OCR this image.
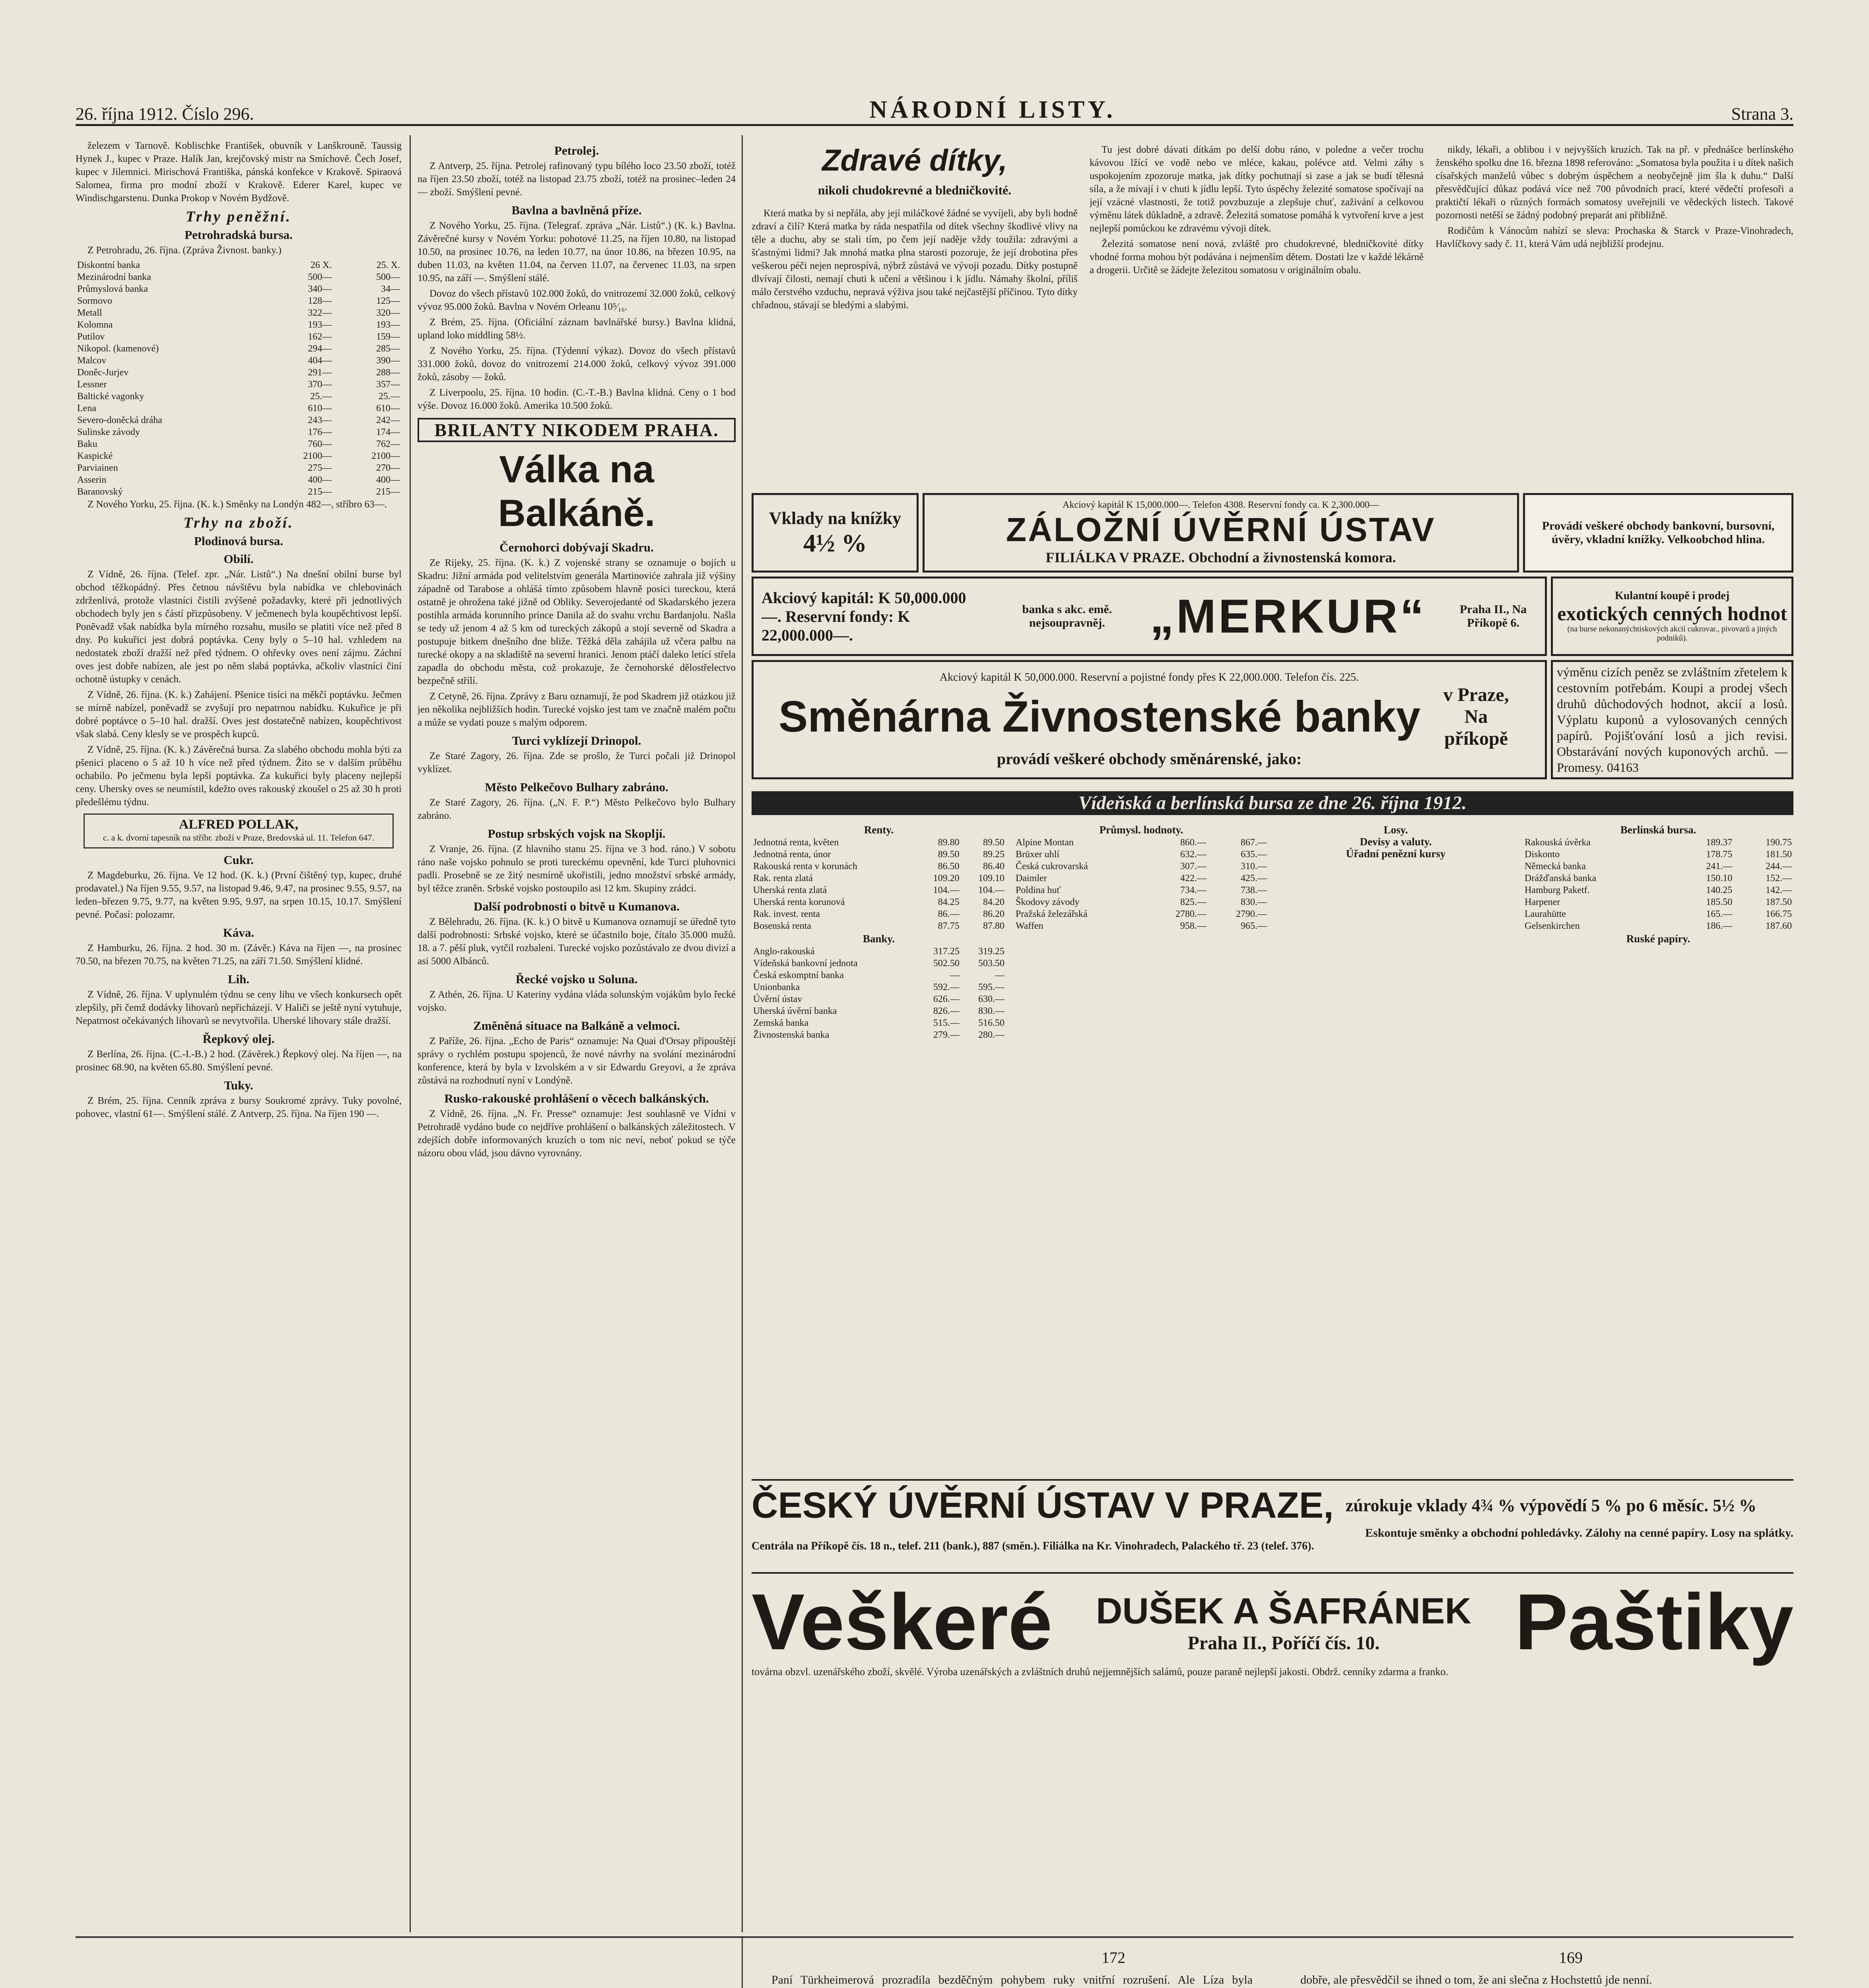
26. října 1912. Číslo 296.	NÁRODNÍ LISTY.	Strana 3.

železem v Tarnově. Koblischke František, obuvník v Lanškrouně. Taussig Hynek J., kupec v Praze. Halík Jan, krejčovský mistr na Smíchově. Čech Josef, kupec v Jilemnici. Mirischová Františka, pánská konfekce v Krakově. Spiraová Salomea, firma pro modní zboží v Krakově. Ederer Karel, kupec ve Windischgarstenu. Dunka Prokop v Novém Bydžově.

Trhy peněžní.
Petrohradská bursa.

Z Petrohradu, 26. října. (Zpráva Živnost. banky.)

Diskontní banka	26 X.	25. X.
Mezinárodní banka	500—	500—
Průmyslová banka	340—	34—
Sormovo	128—	125—
Metall	322—	320—
Kolomna	193—	193—
Putilov	162—	159—
Nikopol. (kamenové)	294—	285—
Malcov	404—	390—
Doněc-Jurjev	291—	288—
Lessner	370—	357—
Baltické vagonky	25.—	25.—
Lena	610—	610—
Severo-doněcká dráha	243—	242—
Sulinske závody	176—	174—
Baku	760—	762—
Kaspické	2100—	2100—
Parviainen	275—	270—
Asserin	400—	400—
Baranovský	215—	215—

Z Nového Yorku, 25. října. (K. k.) Směnky na Londýn 482—, stříbro 63—.

Trhy na zboží.
Plodinová bursa.
Obilí.

Z Vídně, 26. října. (Telef. zpr. „Nár. Listů“.) Na dnešní obilní burse byl obchod těžkopádný. Přes četnou návštěvu byla nabídka ve chlebovinách zdrženlivá, protože vlastníci čistili zvýšené požadavky, které při jednotlivých obchodech byly jen s částí přizpůsobeny. V ječmenech byla koupěchtivost lepší. Poněvadž však nabídka byla mírného rozsahu, musilo se platiti více než před 8 dny. Po kukuřici jest dobrá poptávka. Ceny byly o 5–10 hal. vzhledem na nedostatek zboží dražší než před týdnem. O ohřevky oves není zájmu. Záchní oves jest dobře nabízen, ale jest po něm slabá poptávka, ačkoliv vlastníci činí ochotně ústupky v cenách.

Z Vídně, 26. října. (K. k.) Zahájení. Pšenice tisíci na měkčí poptávku. Ječmen se mírně nabízel, poněvadž se zvyšují pro nepatrnou nabídku. Kukuřice je při dobré poptávce o 5–10 hal. dražší. Oves jest dostatečně nabízen, koupěchtivost však slabá. Ceny klesly se ve prospěch kupců.

Z Vídně, 25. října. (K. k.) Závěrečná bursa. Za slabého obchodu mohla býti za pšenici placeno o 5 až 10 h více než před týdnem. Žito se v dalším průběhu ochabilo. Po ječmenu byla lepší poptávka. Za kukuřici byly placeny nejlepší ceny. Uhersky oves se neumístil, kdežto oves rakouský zkoušel o 25 až 30 h proti předešlému týdnu.

ALFRED POLLAK,
c. a k. dvorní tapesník na stříbr. zboží v Praze, Bredovská ul. 11. Telefon 647.
Cukr.

Z Magdeburku, 26. října. Ve 12 hod. (K. k.) (První čištěný typ, kupec, druhé prodavatel.) Na říjen 9.55, 9.57, na listopad 9.46, 9.47, na prosinec 9.55, 9.57, na leden–březen 9.75, 9.77, na květen 9.95, 9.97, na srpen 10.15, 10.17. Smýšlení pevné. Počasí: polozamr.

Káva.

Z Hamburku, 26. října. 2 hod. 30 m. (Závěr.) Káva na říjen —, na prosinec 70.50, na březen 70.75, na květen 71.25, na září 71.50. Smýšlení klidné.

Lih.

Z Vídně, 26. října. V uplynulém týdnu se ceny lihu ve všech konkursech opět zlepšily, při čemž dodávky lihovarů nepřicházejí. V Haliči se ještě nyní vytuhuje, Nepatrnost očekávaných lihovarů se nevytvořila. Uherské lihovary stále dražší.

Řepkový olej.

Z Berlína, 26. října. (C.-I.-B.) 2 hod. (Závěrek.) Řepkový olej. Na říjen —, na prosinec 68.90, na květen 65.80. Smýšlení pevné.

Tuky.

Z Brém, 25. října. Cenník zpráva z bursy Soukromé zprávy. Tuky povolné, pohovec, vlastní 61—. Smýšlení stálé. Z Antverp, 25. října. Na říjen 190 —.

Petrolej.

Z Antverp, 25. října. Petrolej rafinovaný typu bílého loco 23.50 zboží, totéž na říjen 23.50 zboží, totéž na listopad 23.75 zboží, totéž na prosinec–leden 24— zboží. Smýšlení pevné.

Bavlna a bavlněná příze.

Z Nového Yorku, 25. října. (Telegraf. zpráva „Nár. Listů“.) (K. k.) Bavlna. Závěrečné kursy v Novém Yorku: pohotové 11.25, na říjen 10.80, na listopad 10.50, na prosinec 10.76, na leden 10.77, na únor 10.86, na březen 10.95, na duben 11.03, na květen 11.04, na červen 11.07, na červenec 11.03, na srpen 10.95, na září —. Smýšlení stálé.

Dovoz do všech přístavů 102.000 žoků, do vnitrozemí 32.000 žoků, celkový vývoz 95.000 žoků. Bavlna v Novém Orleanu 10⁵⁄₁₆.

Z Brém, 25. října. (Oficiální záznam bavlnářské bursy.) Bavlna klidná, upland loko middling 58½.

Z Nového Yorku, 25. října. (Týdenní výkaz). Dovoz do všech přístavů 331.000 žoků, dovoz do vnitrozemí 214.000 žoků, celkový vývoz 391.000 žoků, zásoby — žoků.

Z Liverpoolu, 25. října. 10 hodin. (C.-T.-B.) Bavlna klidná. Ceny o 1 bod výše. Dovoz 16.000 žoků. Amerika 10.500 žoků.

BRILANTY NIKODEM PRAHA.
Válka na Balkáně.
Černohorci dobývají Skadru.

Ze Rijeky, 25. října. (K. k.) Z vojenské strany se oznamuje o bojích u Skadru: Jižní armáda pod velitelstvím generála Martinoviće zahrala již výšiny západně od Tarabose a ohlášá tímto způsobem hlavně posici tureckou, která ostatně je ohrožena také jižně od Obliky. Severojedanté od Skadarského jezera postihla armáda korunního prince Danila až do svahu vrchu Bardanjolu. Našla se tedy už jenom 4 až 5 km od tureckých zákopů a stojí severně od Skadra a postupuje bitkem dnešního dne bliže. Těžká děla zahájila už včera palbu na turecké okopy a na skladiště na severní hranici. Jenom ptáčí daleko letící střela zapadla do obchodu města, což prokazuje, že černohorské dělostřelectvo bezpečně střílí.

Z Cetyně, 26. října. Zprávy z Baru oznamují, že pod Skadrem již otázkou již jen několika nejbližších hodin. Turecké vojsko jest tam ve značně malém počtu a může se vydati pouze s malým odporem.

Turci vyklízejí Drinopol.

Ze Staré Zagory, 26. října. Zde se prošlo, že Turci počali již Drinopol vyklízet.

Město Pelkečovo Bulhary zabráno.

Ze Staré Zagory, 26. října. („N. F. P.“) Město Pelkečovo bylo Bulhary zabráno.

Postup srbských vojsk na Skopljí.

Z Vranje, 26. října. (Z hlavního stanu 25. října ve 3 hod. ráno.) V sobotu ráno naše vojsko pohnulo se proti tureckému opevnění, kde Turci pluhovnici padli. Prosebně se ze žitý nesmírně ukořistili, jedno množství srbské armády, byl těžce zraněn. Srbské vojsko postoupilo asi 12 km. Skupiny zrádci.

Další podrobnosti o bitvě u Kumanova.

Z Bělehradu, 26. října. (K. k.) O bitvě u Kumanova oznamují se úředně tyto další podrobnosti: Srbské vojsko, které se účastnilo boje, čítalo 35.000 mužů. 18. a 7. pěší pluk, vytčil rozbaleni. Turecké vojsko pozůstávalo ze dvou divizí a asi 5000 Albánců.

Řecké vojsko u Soluna.

Z Athén, 26. října. U Kateriny vydána vláda solunským vojákům bylo řecké vojsko.

Změněná situace na Balkáně a velmoci.

Z Paříže, 26. října. „Echo de Paris“ oznamuje: Na Quai d'Orsay připouštějí správy o rychlém postupu spojenců, že nové návrhy na svolání mezinárodní konference, která by byla v Izvolském a v sir Edwardu Greyovi, a že zpráva zůstává na rozhodnutí nyní v Londýně.

Rusko-rakouské prohlášení o věcech balkánských.

Z Vídně, 26. října. „N. Fr. Presse“ oznamuje: Jest souhlasně ve Vídni v Petrohradě vydáno bude co nejdříve prohlášení o balkánských záležitostech. V zdejších dobře informovaných kruzích o tom nic neví, neboť pokud se týče názoru obou vlád, jsou dávno vyrovnány.

Zdravé dítky,
nikoli chudokrevné a bledničkovité.

Která matka by si nepřála, aby její miláčkové žádné se vyvíjeli, aby byli hodně zdraví a čilí? Která matka by ráda nespatřila od dítek všechny škodlivé vlivy na těle a duchu, aby se stali tím, po čem její naděje vždy toužila: zdravými a šťastnými lidmi? Jak mnohá matka plna starosti pozoruje, že její drobotina přes veškerou péči nejen neprospívá, nýbrž zůstává ve vývoji pozadu. Dítky postupně dlvívají čilosti, nemají chuti k učení a většinou i k jídlu. Námahy školní, příliš málo čerstvého vzduchu, nepravá výživa jsou také nejčastější příčinou. Tyto dítky chřadnou, stávají se bledými a slabými.

Tu jest dobré dávati dítkám po delší dobu ráno, v poledne a večer trochu kávovou lžící ve vodě nebo ve mléce, kakau, polévce atd. Velmi záhy s uspokojením zpozoruje matka, jak dítky pochutnají si zase a jak se budí tělesná síla, a že mívají i v chuti k jídlu lepší. Tyto úspěchy železité somatose spočívají na její vzácné vlastnosti, že totiž povzbuzuje a zlepšuje chuť, zaživání a celkovou výměnu látek důkladně, a zdravě. Železitá somatose pomáhá k vytvoření krve a jest nejlepší pomůckou ke zdravému vývoji dítek.

Železitá somatose není nová, zvláště pro chudokrevné, bledničkovité dítky vhodné forma mohou být podávána i nejmenším dětem. Dostati lze v každé lékárně a drogerii. Určitě se žádejte železitou somatosu v originálním obalu.

nikdy, lékaři, a oblibou i v nejvyšších kruzích. Tak na př. v přednášce berlínského ženského spolku dne 16. března 1898 referováno: „Somatosa byla použita i u dítek našich císařských manželů vůbec s dobrým úspěchem a neobyčejně jim šla k duhu.“ Další přesvědčující důkaz podává více než 700 původních prací, které vědečtí profesoři a praktičtí lékaři o různých formách somatosy uveřejnili ve vědeckých listech. Takové pozornosti netěší se žádný podobný preparát ani přibližně.

Rodičům k Vánocům nabízí se sleva: Prochaska & Starck v Praze-Vinohradech, Havlíčkovy sady č. 11, která Vám udá nejbližší prodejnu.

Vklady na knížky
4½ %
Akciový kapitál K 15,000.000—. Telefon 4308. Reservní fondy ca. K 2,300.000—
ZÁLOŽNÍ ÚVĚRNÍ ÚSTAV
FILIÁLKA V PRAZE. Obchodní a živnostenská komora.
Provádí veškeré obchody bankovní, bursovní, úvěry, vkladní knížky. Velkoobchod hlina.
Akciový kapitál: K 50,000.000—. Reservní fondy: K 22,000.000—.
banka s akc. emě. nejsoupravněj. „MERKUR“	Praha II., Na Příkopě 6.
Kulantní koupě i prodej
exotických cenných hodnot
(na burse nekonanýchtiskových akcií cukrovar., pivovarů a jiných podniků).
Akciový kapitál K 50,000.000. Reservní a pojistné fondy přes K 22,000.000. Telefon čís. 225.
Směnárna Živnostenské banky	v Praze, Na příkopě
provádí veškeré obchody směnárenské, jako:
výměnu cizích peněz se zvláštním zřetelem k cestovním potřebám. Koupi a prodej všech druhů důchodových hodnot, akcií a losů. Výplatu kuponů a vylosovaných cenných papírů. Pojišťování losů a jich revisi. Obstarávání nových kuponových archů. — Promesy. 04163
Vídeňská a berlínská bursa ze dne 26. října 1912.
Renty.
Jednotná renta, květen	89.80	89.50
Jednotná renta, únor	89.50	89.25
Rakouská renta v korunách	86.50	86.40
Rak. renta zlatá	109.20	109.10
Uherská renta zlatá	104.—	104.—
Uherská renta korunová	84.25	84.20
Rak. invest. renta	86.—	86.20
Bosenská renta	87.75	87.80
Banky.
Anglo-rakouská	317.25	319.25
Vídeňská bankovní jednota	502.50	503.50
Česká eskomptní banka	—	—
Unionbanka	592.—	595.—
Úvěrní ústav	626.—	630.—
Uherská úvěrní banka	826.—	830.—
Zemská banka	515.—	516.50
Živnostenská banka	279.—	280.—
Průmysl. hodnoty.
Alpine Montan	860.—	867.—
Brüxer uhlí	632.—	635.—
Česká cukrovarská	307.—	310.—
Daimler	422.—	425.—
Poldina huť	734.—	738.—
Škodovy závody	825.—	830.—
Pražská železářská	2780.—	2790.—
Waffen	958.—	965.—
Losy.
Devisy a valuty.
Úřadní penězní kursy
Berlínská bursa.
Rakouská úvěrka	189.37	190.75
Diskonto	178.75	181.50
Německá banka	241.—	244.—
Drážďanská banka	150.10	152.—
Hamburg Paketf.	140.25	142.—
Harpener	185.50	187.50
Laurahütte	165.—	166.75
Gelsenkirchen	186.—	187.60
Ruské papíry.
ČESKÝ ÚVĚRNÍ ÚSTAV V PRAZE, zúrokuje vklady 4¾ % výpovědí 5 % po 6 měsíc. 5½ %
Eskontuje směnky a obchodní pohledávky. Zálohy na cenné papíry. Losy na splátky.
Centrála na Příkopě čís. 18 n., telef. 211 (bank.), 887 (směn.). Filiálka na Kr. Vinohradech, Palackého tř. 23 (telef. 376).
Veškeré DUŠEK A ŠAFRÁNEK
Praha II., Poříčí čís. 10.	Paštiky
továrna obzvl. uzenářského zboží, skvělé. Výroba uzenářských a zvláštních druhů nejjemnějších salámů, pouze paraně nejlepší jakosti. Obdrž. cenníky zdarma a franko.
172	169

Paní Türkheimerová prozradila bezděčným pohybem ruky vnitřní rozrušení. Ale Líza byla	dobře, ale přesvědčil se ihned o tom, že ani slečna z Hochstettů jde nenní.
